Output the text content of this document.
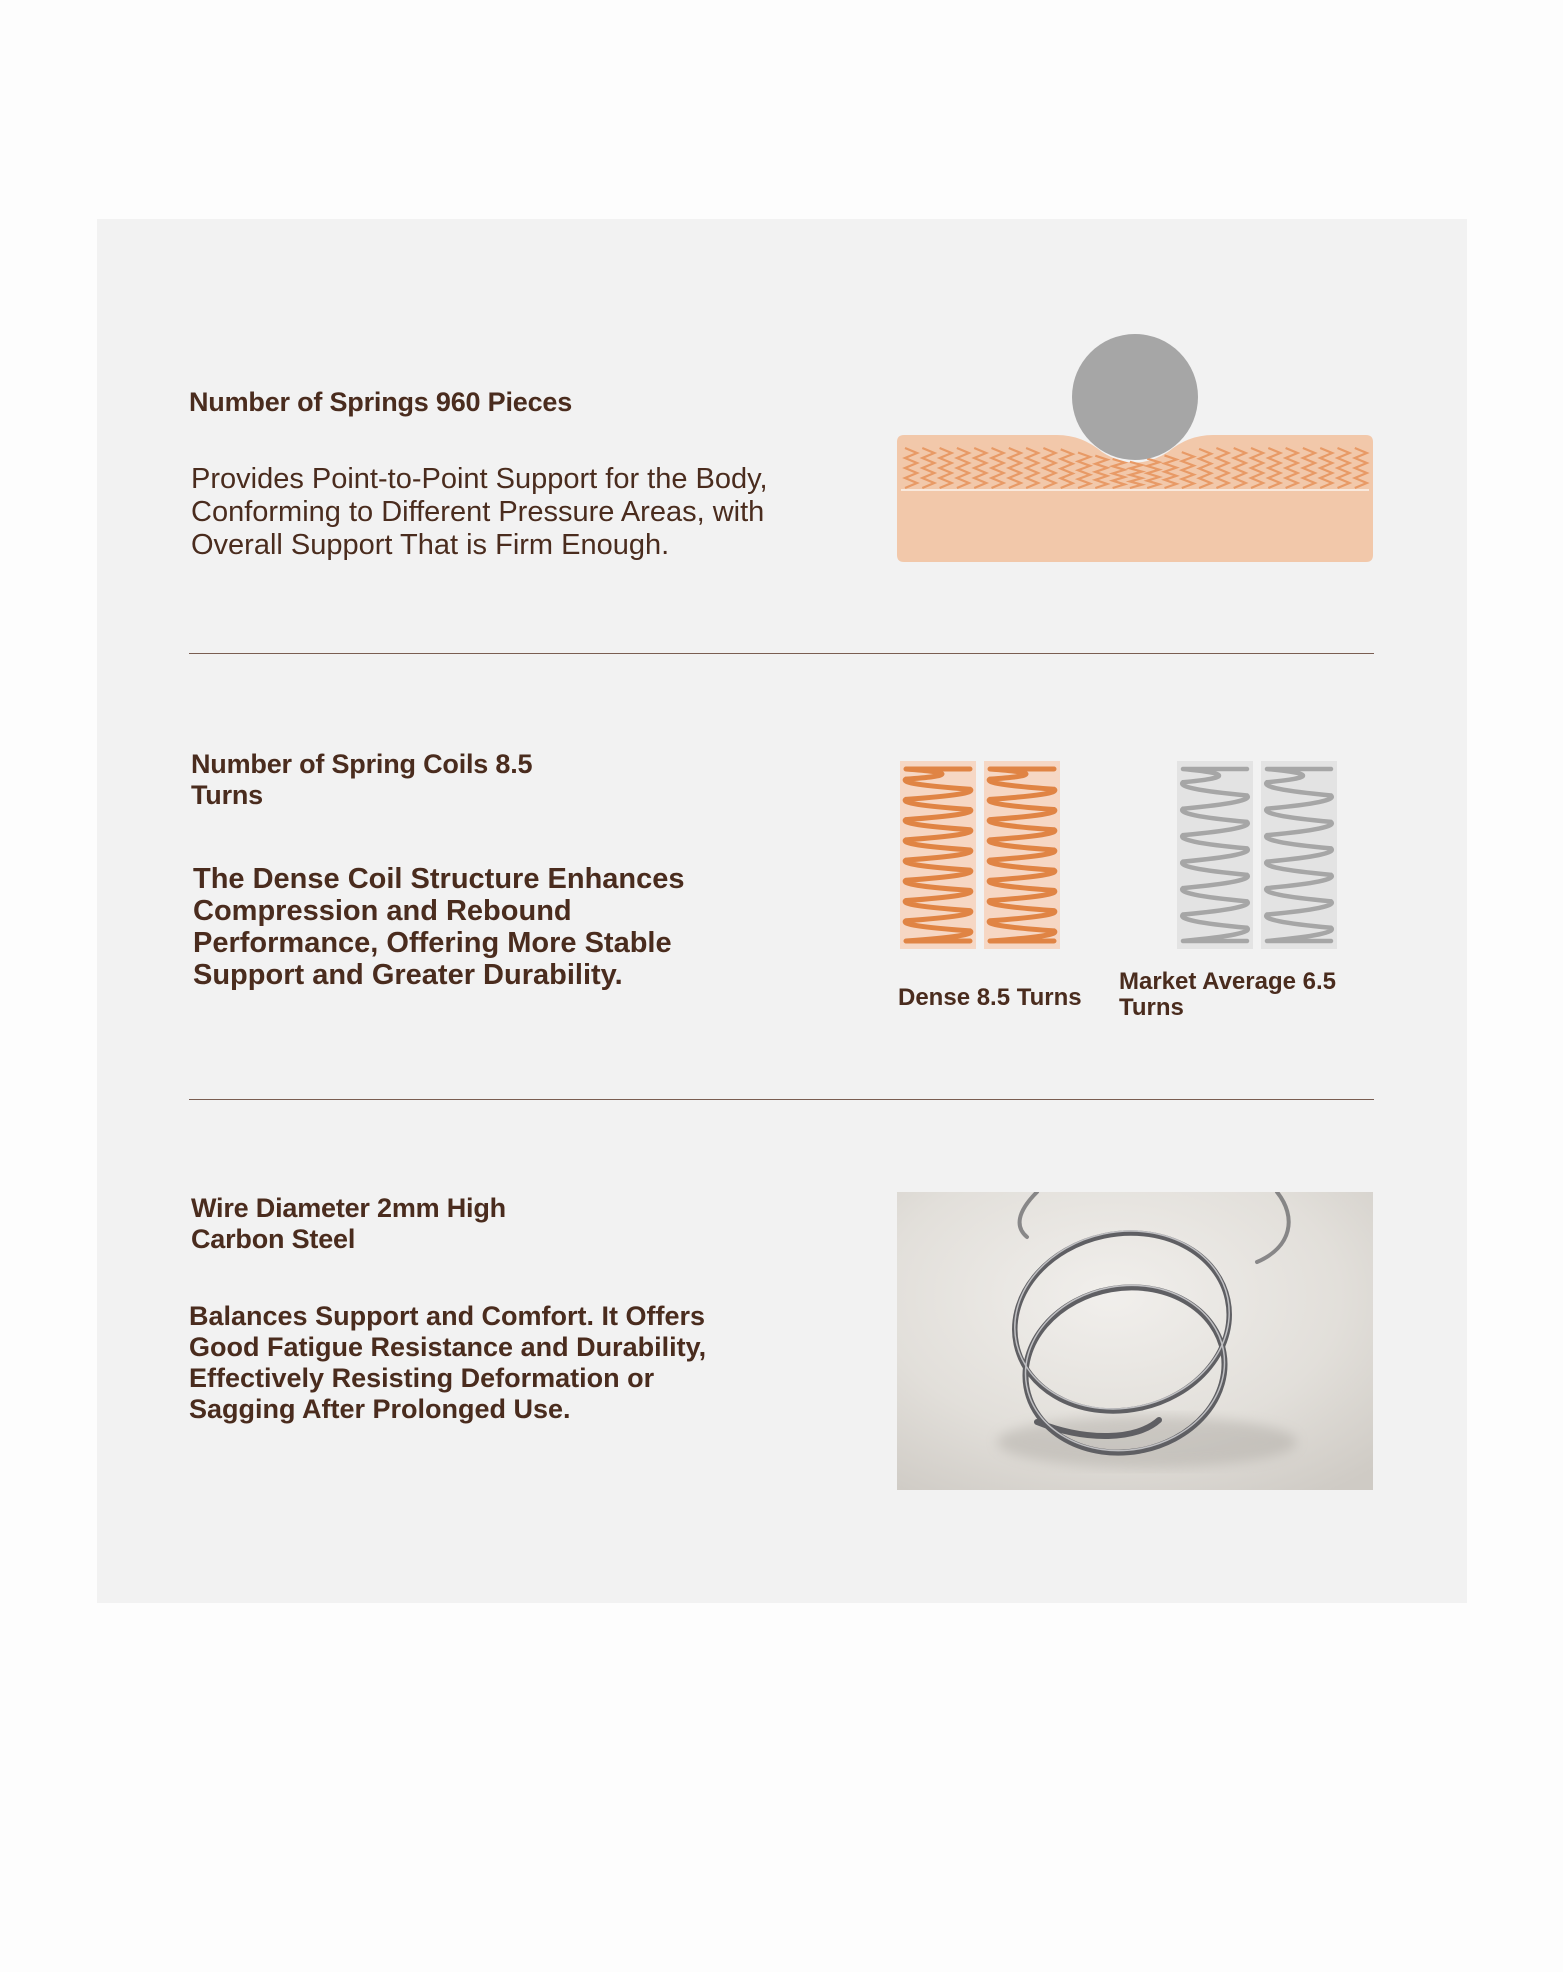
Number of Springs 960 Pieces
Provides Point-to-Point Support for the Body, Conforming to Different Pressure Areas, with Overall Support That is Firm Enough.
Number of Spring Coils 8.5 Turns
The Dense Coil Structure Enhances Compression and Rebound Performance, Offering More Stable Support and Greater Durability.
Dense 8.5 Turns
Market Average 6.5 Turns
Wire Diameter 2mm High Carbon Steel
Balances Support and Comfort. It Offers Good Fatigue Resistance and Durability, Effectively Resisting Deformation or Sagging After Prolonged Use.
